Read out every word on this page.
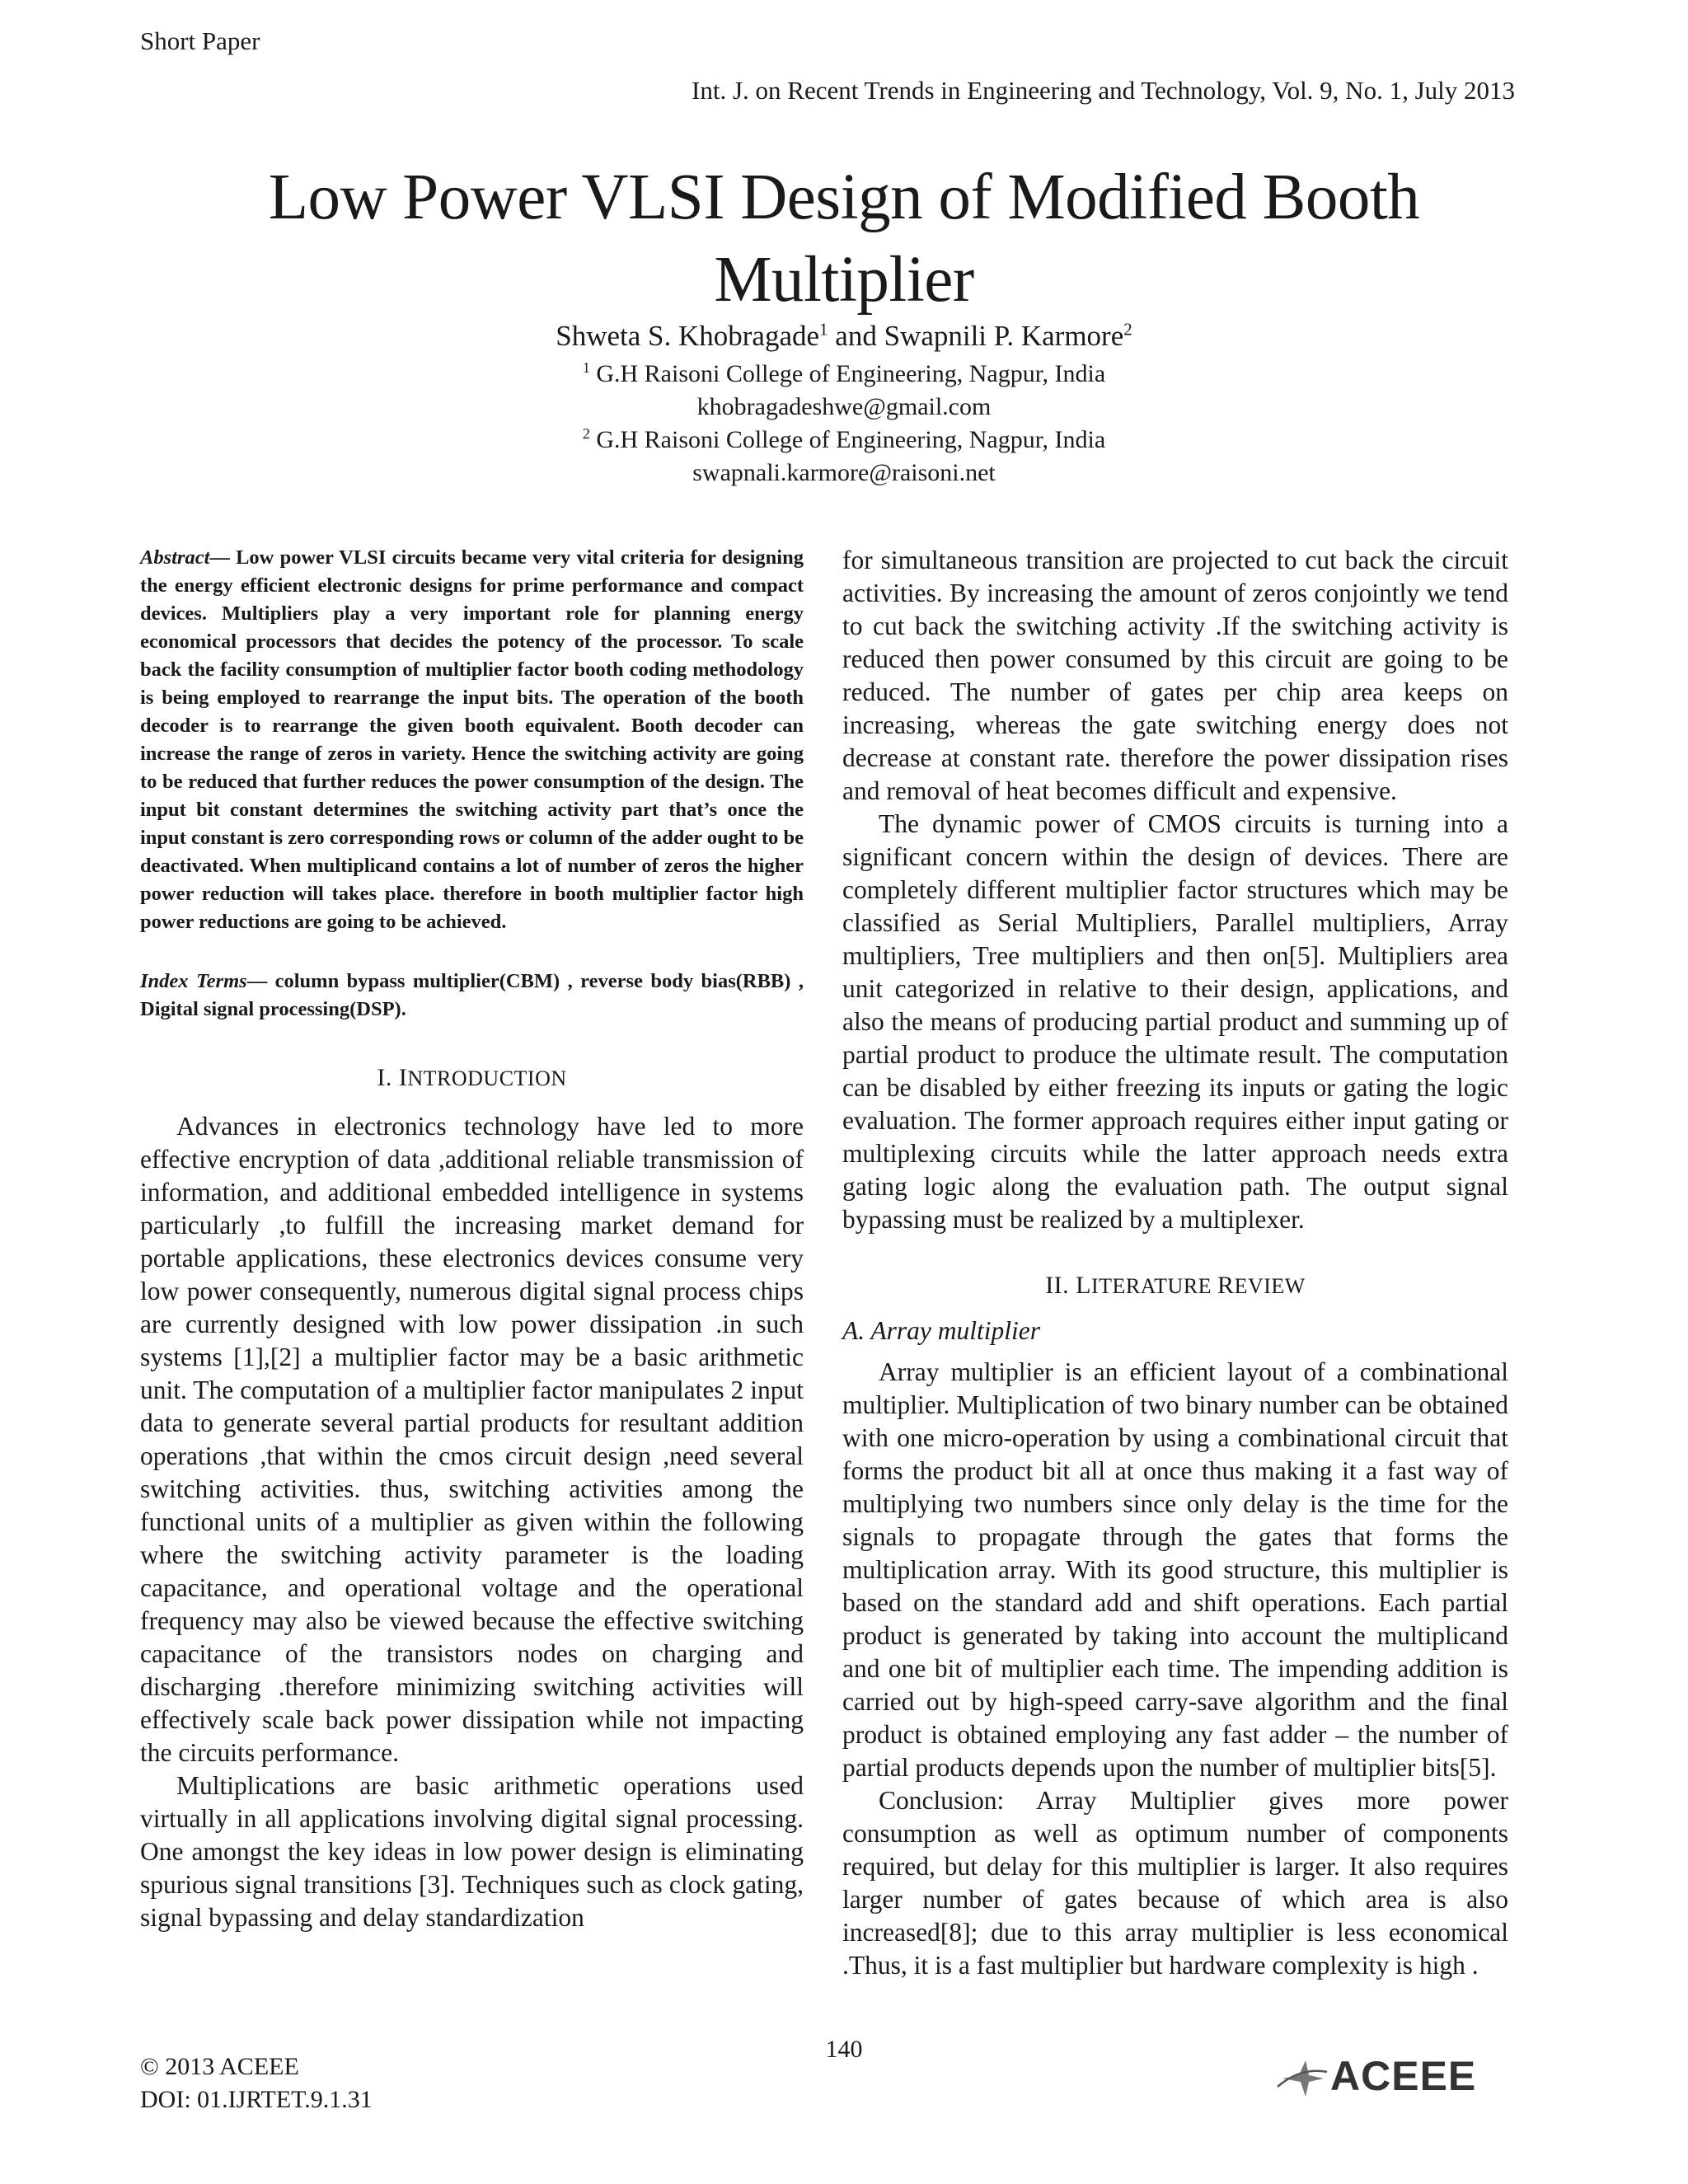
Short Paper
Int. J. on Recent Trends in Engineering and Technology, Vol. 9, No. 1, July 2013
Low Power VLSI Design of Modified Booth
Multiplier
Shweta S. Khobragade$^1$ and Swapnili P. Karmore$^2$
$^1$ G.H Raisoni College of Engineering, Nagpur, India
khobragadeshwe@gmail.com
$^2$ G.H Raisoni College of Engineering, Nagpur, India
swapnali.karmore@raisoni.net

Abstract— Low power VLSI circuits became very vital criteria for designing the energy efficient electronic designs for prime performance and compact devices. Multipliers play a very important role for planning energy economical processors that decides the potency of the processor. To scale back the facility consumption of multiplier factor booth coding methodology is being employed to rearrange the input bits. The operation of the booth decoder is to rearrange the given booth equivalent. Booth decoder can increase the range of zeros in variety. Hence the switching activity are going to be reduced that further reduces the power consumption of the design. The input bit constant determines the switching activity part that’s once the input constant is zero corresponding rows or column of the adder ought to be deactivated. When multiplicand contains a lot of number of zeros the higher power reduction will takes place. therefore in booth multiplier factor high power reductions are going to be achieved.

Index Terms— column bypass multiplier(CBM) , reverse body bias(RBB) , Digital signal processing(DSP).

I. INTRODUCTION

Advances in electronics technology have led to more effective encryption of data ,additional reliable transmission of information, and additional embedded intelligence in systems particularly ,to fulfill the increasing market demand for portable applications, these electronics devices consume very low power consequently, numerous digital signal process chips are currently designed with low power dissipation .in such systems [1],[2] a multiplier factor may be a basic arithmetic unit. The computation of a multiplier factor manipulates 2 input data to generate several partial products for resultant addition operations ,that within the cmos circuit design ,need several switching activities. thus, switching activities among the functional units of a multiplier as given within the following where the switching activity parameter is the loading capacitance, and operational voltage and the operational frequency may also be viewed because the effective switching capacitance of the transistors nodes on charging and discharging .therefore minimizing switching activities will effectively scale back power dissipation while not impacting the circuits performance.

Multiplications are basic arithmetic operations used virtually in all applications involving digital signal processing. One amongst the key ideas in low power design is eliminating spurious signal transitions [3]. Techniques such as clock gating, signal bypassing and delay standardization

for simultaneous transition are projected to cut back the circuit activities. By increasing the amount of zeros conjointly we tend to cut back the switching activity .If the switching activity is reduced then power consumed by this circuit are going to be reduced. The number of gates per chip area keeps on increasing, whereas the gate switching energy does not decrease at constant rate. therefore the power dissipation rises and removal of heat becomes difficult and expensive.

The dynamic power of CMOS circuits is turning into a significant concern within the design of devices. There are completely different multiplier factor structures which may be classified as Serial Multipliers, Parallel multipliers, Array multipliers, Tree multipliers and then on[5]. Multipliers area unit categorized in relative to their design, applications, and also the means of producing partial product and summing up of partial product to produce the ultimate result. The computation can be disabled by either freezing its inputs or gating the logic evaluation. The former approach requires either input gating or multiplexing circuits while the latter approach needs extra gating logic along the evaluation path. The output signal bypassing must be realized by a multiplexer.

II. LITERATURE REVIEW
A. Array multiplier

Array multiplier is an efficient layout of a combinational multiplier. Multiplication of two binary number can be obtained with one micro-operation by using a combinational circuit that forms the product bit all at once thus making it a fast way of multiplying two numbers since only delay is the time for the signals to propagate through the gates that forms the multiplication array. With its good structure, this multiplier is based on the standard add and shift operations. Each partial product is generated by taking into account the multiplicand and one bit of multiplier each time. The impending addition is carried out by high-speed carry-save algorithm and the final product is obtained employing any fast adder – the number of partial products depends upon the number of multiplier bits[5].

Conclusion: Array Multiplier gives more power consumption as well as optimum number of components required, but delay for this multiplier is larger. It also requires larger number of gates because of which area is also increased[8]; due to this array multiplier is less economical .Thus, it is a fast multiplier but hardware complexity is high .

140
© 2013 ACEEE
DOI: 01.IJRTET.9.1.31
ACEEE
